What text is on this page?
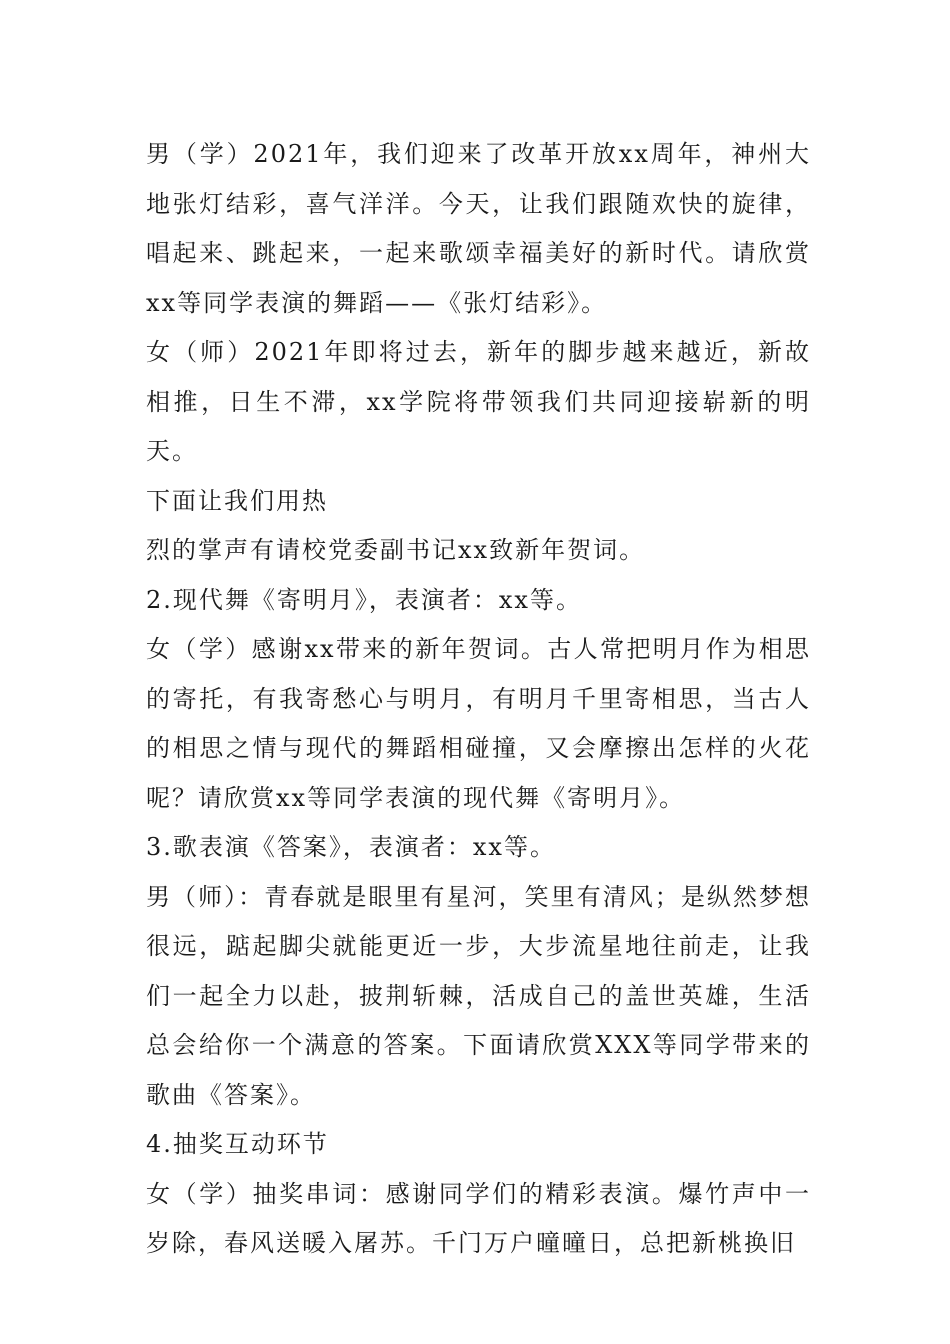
男（学）2021年，我们迎来了改革开放xx周年，神州大地张灯结彩，喜气洋洋。今天，让我们跟随欢快的旋律，唱起来、跳起来，一起来歌颂幸福美好的新时代。请欣赏xx等同学表演的舞蹈——《张灯结彩》。

女（师）2021年即将过去，新年的脚步越来越近，新故相推，日生不滞，xx学院将带领我们共同迎接崭新的明天。

下面让我们用热

烈的掌声有请校党委副书记xx致新年贺词。

2.现代舞《寄明月》，表演者：xx等。

女（学）感谢xx带来的新年贺词。古人常把明月作为相思的寄托，有我寄愁心与明月，有明月千里寄相思，当古人的相思之情与现代的舞蹈相碰撞，又会摩擦出怎样的火花呢？请欣赏xx等同学表演的现代舞《寄明月》。

3.歌表演《答案》，表演者：xx等。

男（师）：青春就是眼里有星河，笑里有清风；是纵然梦想很远，踮起脚尖就能更近一步，大步流星地往前走，让我们一起全力以赴，披荆斩棘，活成自己的盖世英雄，生活总会给你一个满意的答案。下面请欣赏XXX等同学带来的歌曲《答案》。

4.抽奖互动环节

女（学）抽奖串词：感谢同学们的精彩表演。爆竹声中一岁除，春风送暖入屠苏。千门万户曈曈日，总把新桃换旧
